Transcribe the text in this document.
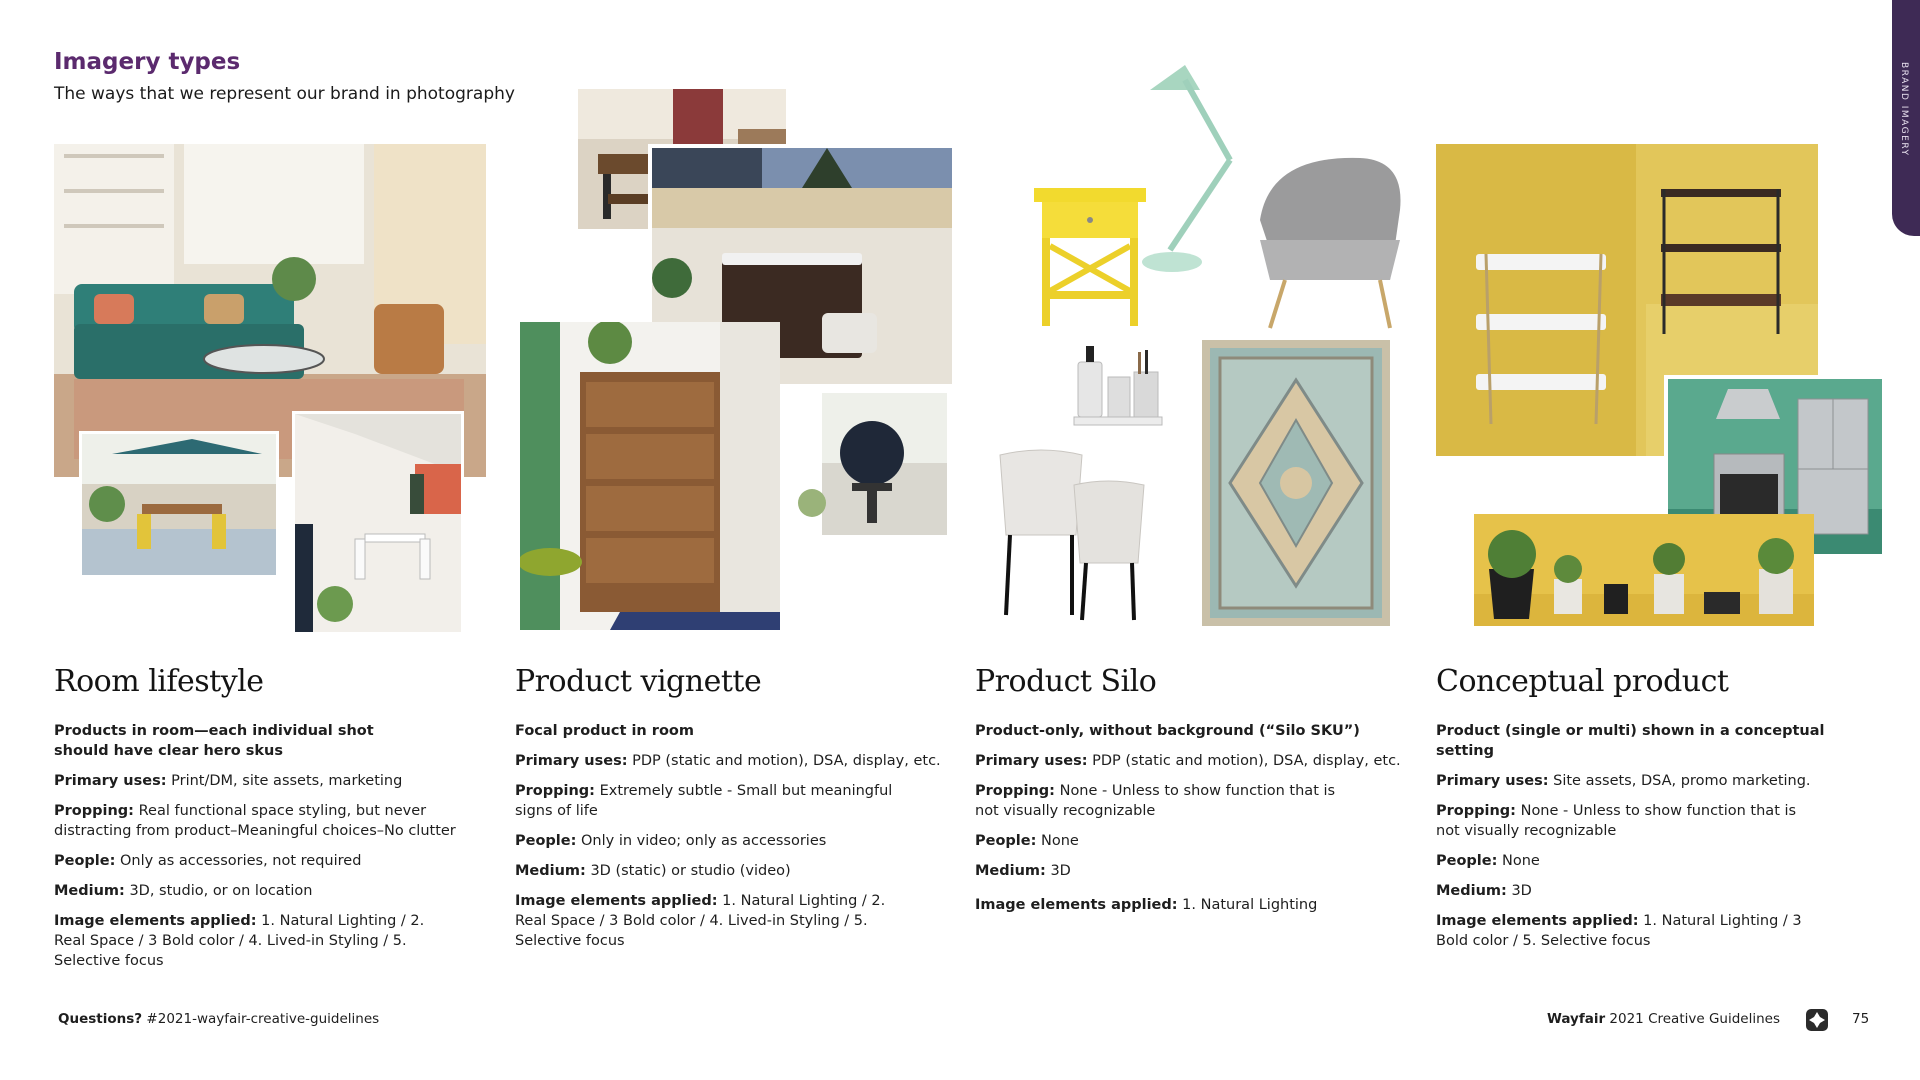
Imagery types
The ways that we represent our brand in photography	BRAND IMAGERY
Room lifestyle

Products in room—each individual shot should have clear hero skus

Primary uses: Print/DM, site assets, marketing

Propping: Real functional space styling, but never distracting from product–Meaningful choices–No clutter

People: Only as accessories, not required

Medium: 3D, studio, or on location

Image elements applied: 1. Natural Lighting / 2. Real Space / 3 Bold color / 4. Lived-in Styling / 5. Selective focus

Product vignette

Focal product in room

Primary uses: PDP (static and motion), DSA, display, etc.

Propping: Extremely subtle - Small but meaningful signs of life

People: Only in video; only as accessories

Medium: 3D (static) or studio (video)

Image elements applied: 1. Natural Lighting / 2. Real Space / 3 Bold color / 4. Lived-in Styling / 5. Selective focus

Product Silo

Product-only, without background (“Silo SKU”)

Primary uses: PDP (static and motion), DSA, display, etc.

Propping: None - Unless to show function that is not visually recognizable

People: None

Medium: 3D

Image elements applied: 1. Natural Lighting

Conceptual product

Product (single or multi) shown in a conceptual setting

Primary uses: Site assets, DSA, promo marketing.

Propping: None - Unless to show function that is not visually recognizable

People: None

Medium: 3D

Image elements applied: 1. Natural Lighting / 3 Bold color / 5. Selective focus

Questions? #2021-wayfair-creative-guidelines	Wayfair 2021 Creative Guidelines	75
